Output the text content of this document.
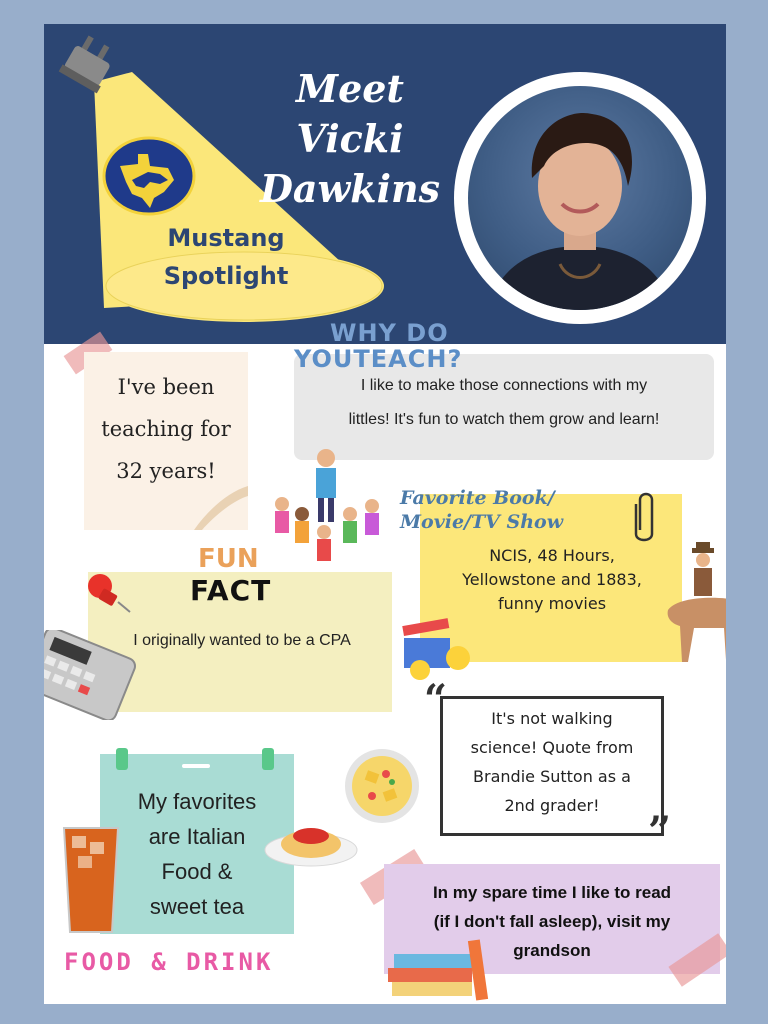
Mustang
Spotlight
Meet Vicki
Dawkins
WHY DO
YOUTEACH?
I like to make those connections with my
littles! It's fun to watch them grow and learn!
I've been
teaching for
32 years!
Favorite Book/
Movie/TV Show
NCIS, 48 Hours,
Yellowstone and 1883,
funny movies
FUN
FACT
I originally wanted to be a CPA
“
”
It's not walking
science! Quote from
Brandie Sutton as a
2nd grader!
My favorites
are Italian
Food &
sweet tea
FOOD & DRINK
In my spare time I like to read
(if I don't fall asleep), visit my
grandson
